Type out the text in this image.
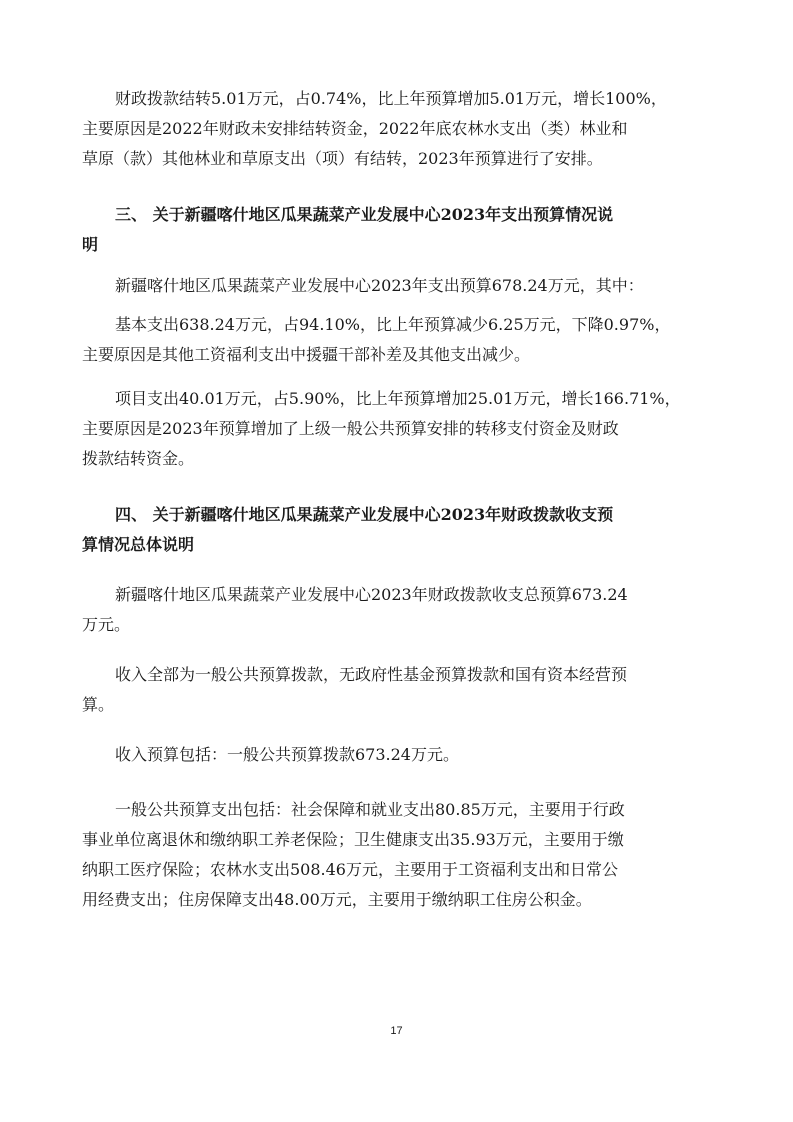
财政拨款结转5.01万元，占0.74%，比上年预算增加5.01万元，增长100%，
主要原因是2022年财政未安排结转资金，2022年底农林水支出（类）林业和
草原（款）其他林业和草原支出（项）有结转，2023年预算进行了安排。
三、 关于新疆喀什地区瓜果蔬菜产业发展中心2023年支出预算情况说
明
新疆喀什地区瓜果蔬菜产业发展中心2023年支出预算678.24万元，其中：
基本支出638.24万元，占94.10%，比上年预算减少6.25万元，下降0.97%，
主要原因是其他工资福利支出中援疆干部补差及其他支出减少。
项目支出40.01万元，占5.90%，比上年预算增加25.01万元，增长166.71%，
主要原因是2023年预算增加了上级一般公共预算安排的转移支付资金及财政
拨款结转资金。
四、 关于新疆喀什地区瓜果蔬菜产业发展中心2023年财政拨款收支预
算情况总体说明
新疆喀什地区瓜果蔬菜产业发展中心2023年财政拨款收支总预算673.24
万元。
收入全部为一般公共预算拨款，无政府性基金预算拨款和国有资本经营预
算。
收入预算包括：一般公共预算拨款673.24万元。
一般公共预算支出包括：社会保障和就业支出80.85万元，主要用于行政
事业单位离退休和缴纳职工养老保险；卫生健康支出35.93万元，主要用于缴
纳职工医疗保险；农林水支出508.46万元，主要用于工资福利支出和日常公
用经费支出；住房保障支出48.00万元，主要用于缴纳职工住房公积金。
17
